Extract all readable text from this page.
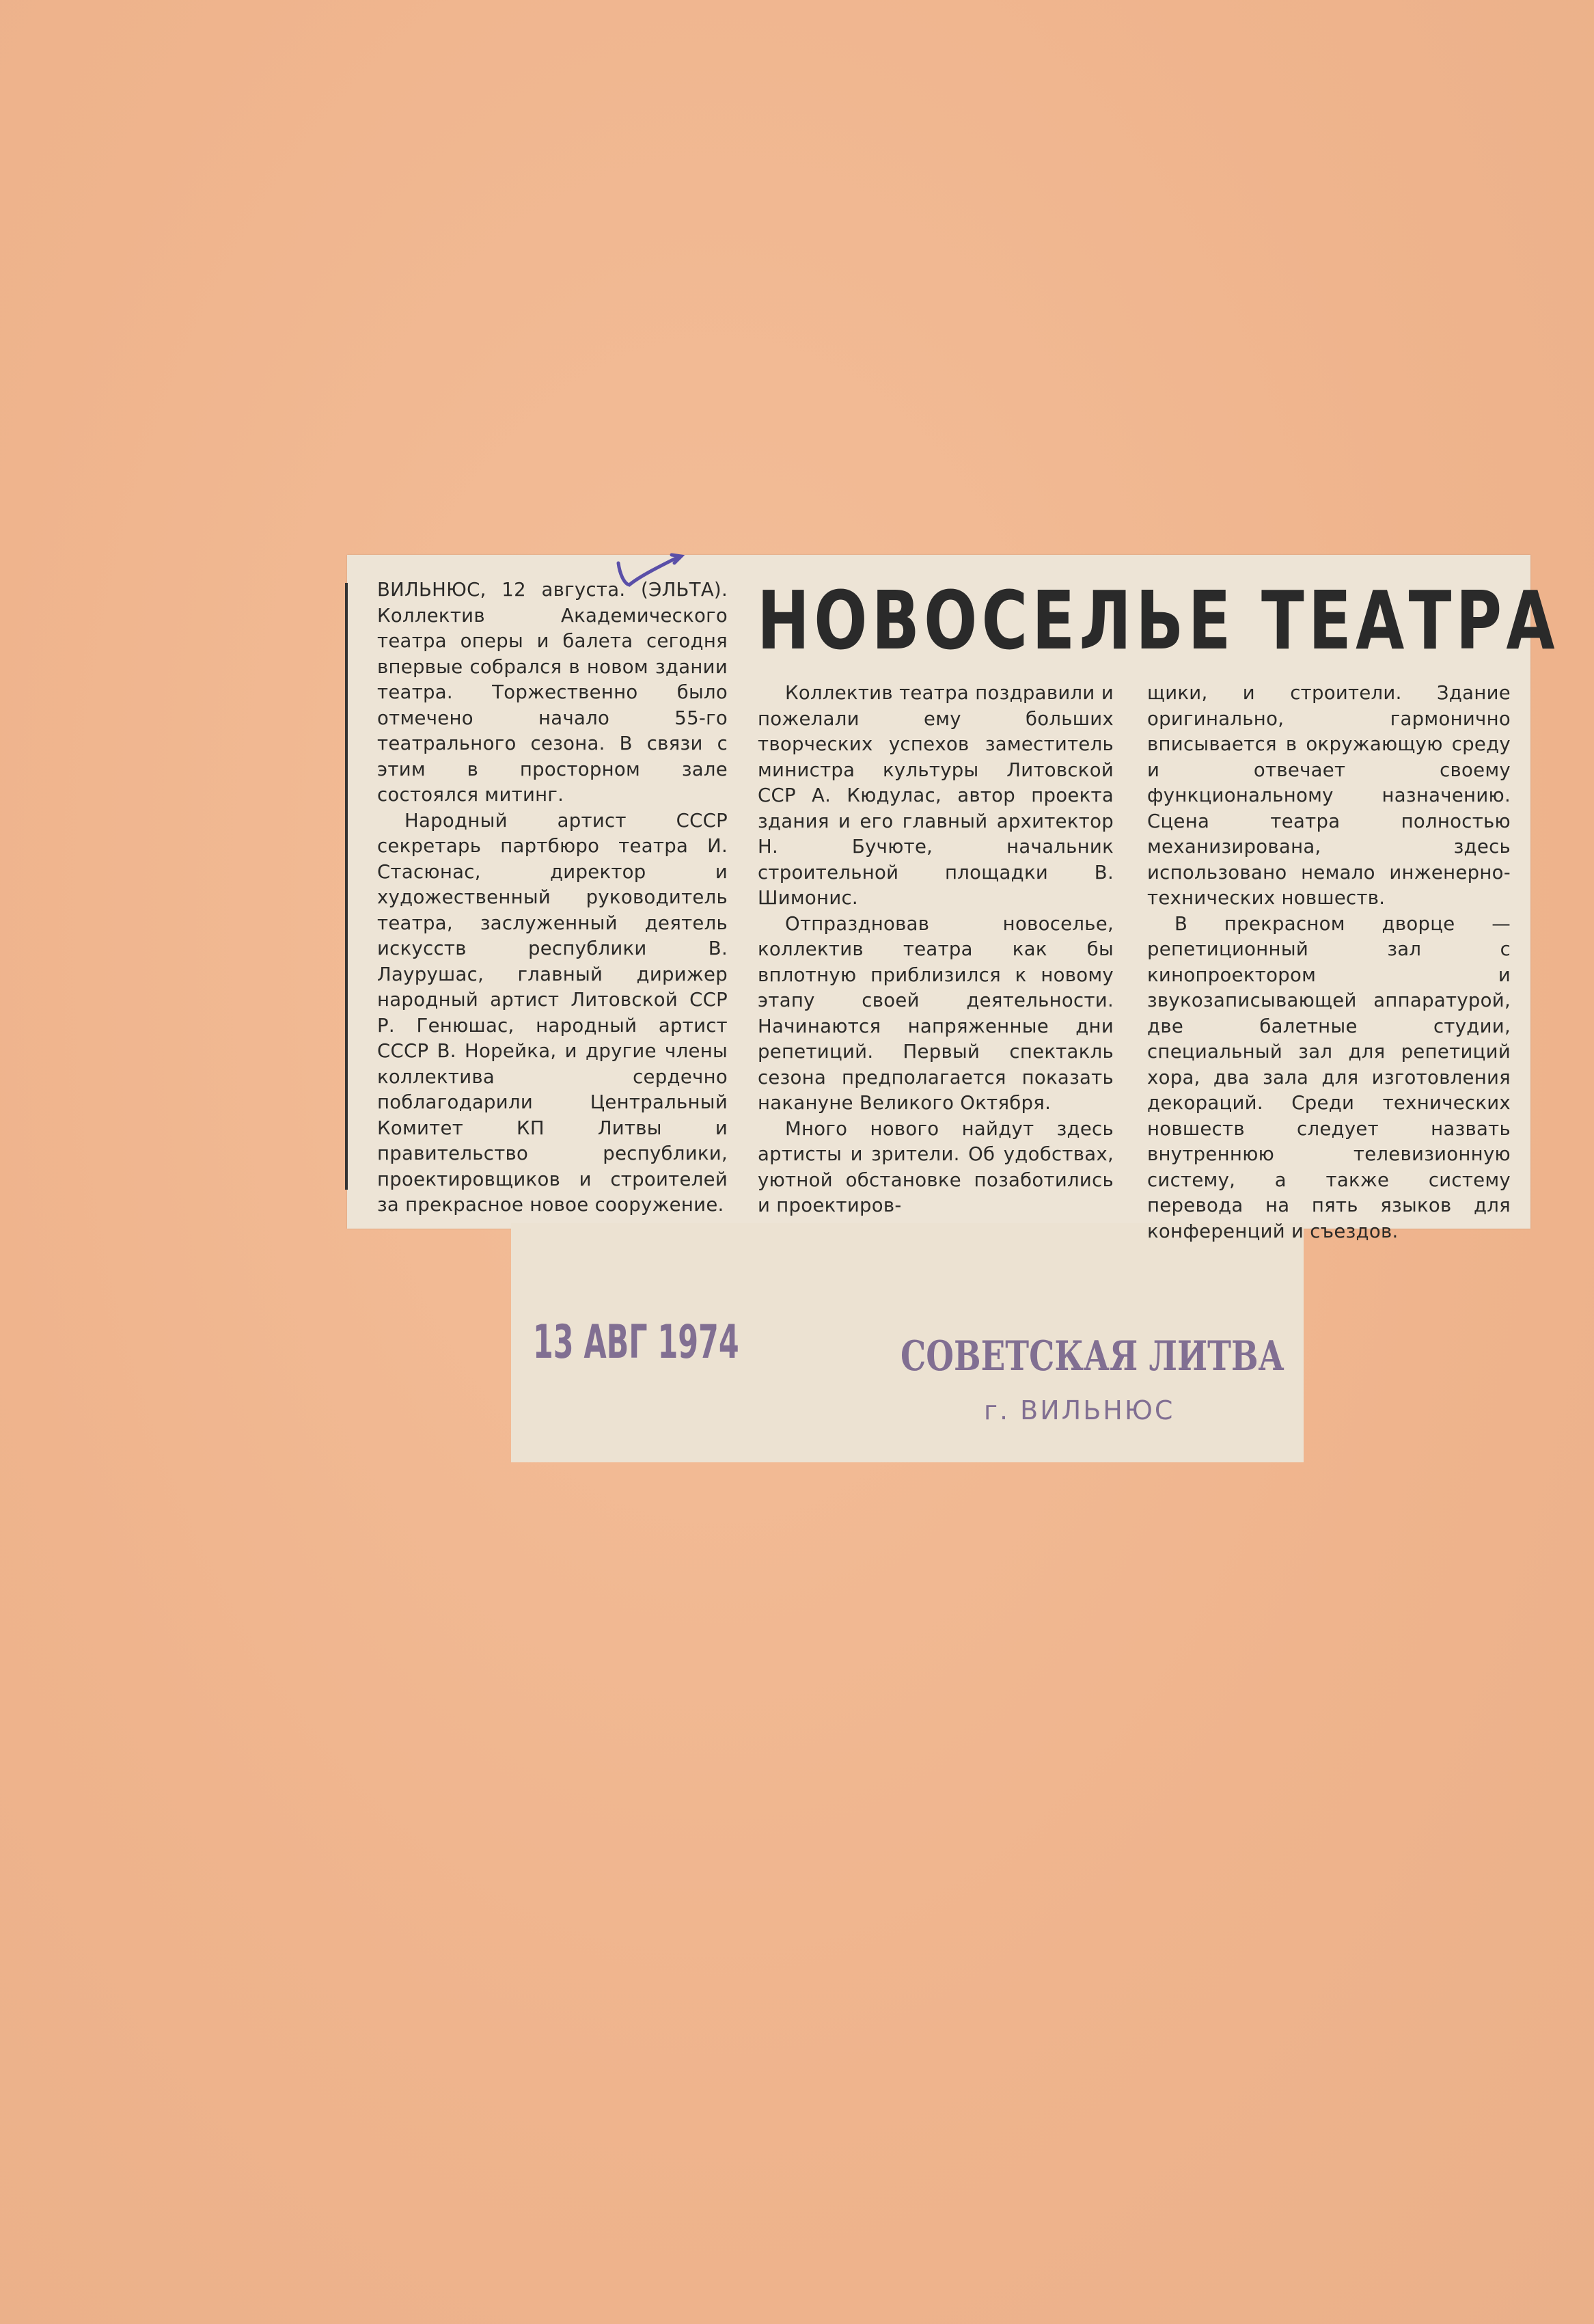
НОВОСЕЛЬЕ ТЕАТРА

ВИЛЬНЮС, 12 августа. (ЭЛЬТА). Коллектив Академического театра оперы и балета сегодня впервые собрался в новом здании театра. Торжественно было отмечено начало 55-го театрального сезона. В связи с этим в просторном зале состоялся митинг.

Народный артист СССР секретарь партбюро театра И. Стасюнас, директор и художественный руководитель театра, заслуженный деятель искусств республики В. Лаурушас, главный дирижер народный артист Литовской ССР Р. Генюшас, народный артист СССР В. Норейка, и другие члены коллектива сердечно поблагодарили Центральный Комитет КП Литвы и правительство республики, проектировщиков и строителей за прекрасное новое сооружение.

Коллектив театра поздравили и пожелали ему больших творческих успехов заместитель министра культуры Литовской ССР А. Кюдулас, автор проекта здания и его главный архитектор Н. Бучюте, начальник строительной площадки В. Шимонис.

Отпраздновав новоселье, коллектив театра как бы вплотную приблизился к новому этапу своей деятельности. Начинаются напряженные дни репетиций. Первый спектакль сезона предполагается показать накануне Великого Октября.

Много нового найдут здесь артисты и зрители. Об удобствах, уютной обстановке позаботились и проектиров-

щики, и строители. Здание оригинально, гармонично вписывается в окружающую среду и отвечает своему функциональному назначению. Сцена театра полностью механизирована, здесь использовано немало инженерно-технических новшеств.

В прекрасном дворце — репетиционный зал с кинопроектором и звукозаписывающей аппаратурой, две балетные студии, специальный зал для репетиций хора, два зала для изготовления декораций. Среди технических новшеств следует назвать внутреннюю телевизионную систему, а также систему перевода на пять языков для конференций и съездов.

13 АВГ 1974	СОВЕТСКАЯ ЛИТВА
г. ВИЛЬНЮС
